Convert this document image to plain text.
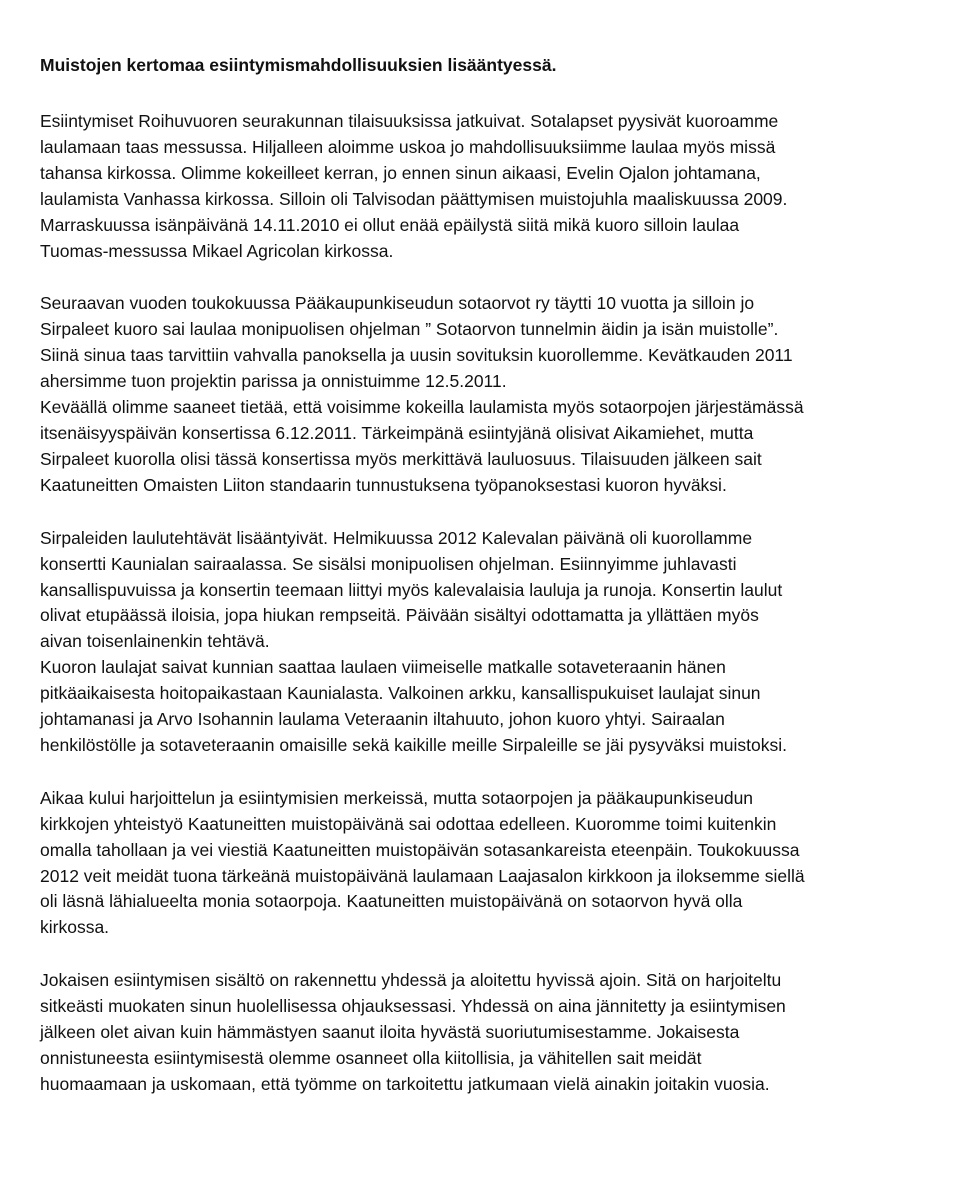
Muistojen kertomaa esiintymismahdollisuuksien lisääntyessä.
Esiintymiset Roihuvuoren seurakunnan tilaisuuksissa jatkuivat. Sotalapset pyysivät kuoroamme
laulamaan taas messussa. Hiljalleen aloimme uskoa jo mahdollisuuksiimme laulaa myös missä
tahansa kirkossa. Olimme kokeilleet kerran, jo ennen sinun aikaasi, Evelin Ojalon johtamana,
laulamista Vanhassa kirkossa. Silloin oli Talvisodan päättymisen muistojuhla maaliskuussa 2009.
Marraskuussa isänpäivänä 14.11.2010 ei ollut enää epäilystä siitä mikä kuoro silloin laulaa
Tuomas-messussa Mikael Agricolan kirkossa.
Seuraavan vuoden toukokuussa Pääkaupunkiseudun sotaorvot ry täytti 10 vuotta ja silloin jo
Sirpaleet kuoro sai laulaa monipuolisen ohjelman ” Sotaorvon tunnelmin äidin ja isän muistolle”.
Siinä sinua taas tarvittiin vahvalla panoksella ja uusin sovituksin kuorollemme. Kevätkauden 2011
ahersimme tuon projektin parissa ja onnistuimme 12.5.2011.
Keväällä olimme saaneet tietää, että voisimme kokeilla laulamista myös sotaorpojen järjestämässä
itsenäisyyspäivän konsertissa 6.12.2011. Tärkeimpänä esiintyjänä olisivat Aikamiehet, mutta
Sirpaleet kuorolla olisi tässä konsertissa myös merkittävä lauluosuus. Tilaisuuden jälkeen sait
Kaatuneitten Omaisten Liiton standaarin tunnustuksena työpanoksestasi kuoron hyväksi.
Sirpaleiden laulutehtävät lisääntyivät. Helmikuussa 2012 Kalevalan päivänä oli kuorollamme
konsertti Kaunialan sairaalassa. Se sisälsi monipuolisen ohjelman. Esiinnyimme juhlavasti
kansallispuvuissa ja konsertin teemaan liittyi myös kalevalaisia lauluja ja runoja. Konsertin laulut
olivat etupäässä iloisia, jopa hiukan rempseitä. Päivään sisältyi odottamatta ja yllättäen myös
aivan toisenlainenkin tehtävä.
Kuoron laulajat saivat kunnian saattaa laulaen viimeiselle matkalle sotaveteraanin hänen
pitkäaikaisesta hoitopaikastaan Kaunialasta. Valkoinen arkku, kansallispukuiset laulajat sinun
johtamanasi ja Arvo Isohannin laulama Veteraanin iltahuuto, johon kuoro yhtyi. Sairaalan
henkilöstölle ja sotaveteraanin omaisille sekä kaikille meille Sirpaleille se jäi pysyväksi muistoksi.
Aikaa kului harjoittelun ja esiintymisien merkeissä, mutta sotaorpojen ja pääkaupunkiseudun
kirkkojen yhteistyö Kaatuneitten muistopäivänä sai odottaa edelleen. Kuoromme toimi kuitenkin
omalla tahollaan ja vei viestiä Kaatuneitten muistopäivän sotasankareista eteenpäin. Toukokuussa
2012 veit meidät tuona tärkeänä muistopäivänä laulamaan Laajasalon kirkkoon ja iloksemme siellä
oli läsnä lähialueelta monia sotaorpoja. Kaatuneitten muistopäivänä on sotaorvon hyvä olla
kirkossa.
Jokaisen esiintymisen sisältö on rakennettu yhdessä ja aloitettu hyvissä ajoin. Sitä on harjoiteltu
sitkeästi muokaten sinun huolellisessa ohjauksessasi. Yhdessä on aina jännitetty ja esiintymisen
jälkeen olet aivan kuin hämmästyen saanut iloita hyvästä suoriutumisestamme. Jokaisesta
onnistuneesta esiintymisestä olemme osanneet olla kiitollisia, ja vähitellen sait meidät
huomaamaan ja uskomaan, että työmme on tarkoitettu jatkumaan vielä ainakin joitakin vuosia.
